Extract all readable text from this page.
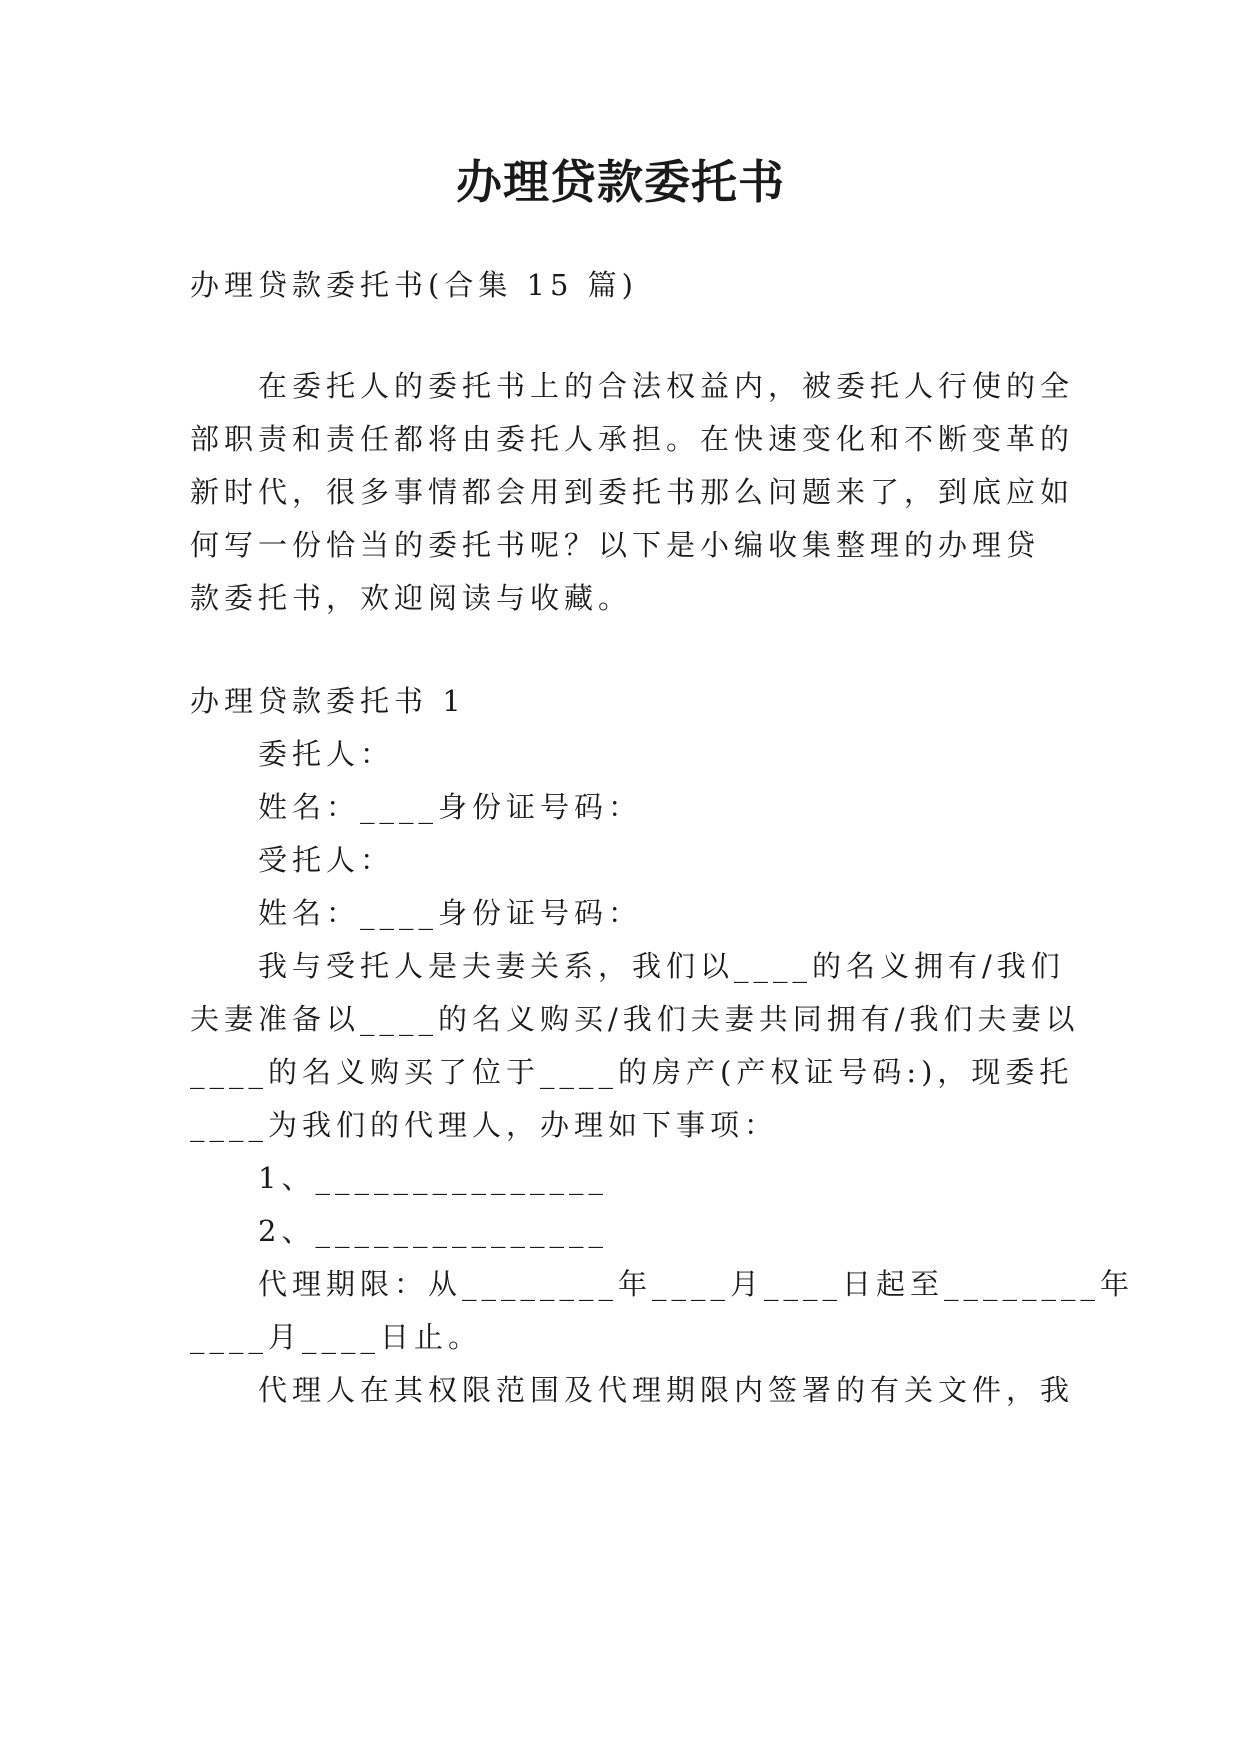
办理贷款委托书
办理贷款委托书(合集 15 篇)
在委托人的委托书上的合法权益内，被委托人行使的全
部职责和责任都将由委托人承担。在快速变化和不断变革的
新时代，很多事情都会用到委托书那么问题来了，到底应如
何写一份恰当的委托书呢？以下是小编收集整理的办理贷
款委托书，欢迎阅读与收藏。
办理贷款委托书 1
委托人：
姓名：____身份证号码：
受托人：
姓名：____身份证号码：
我与受托人是夫妻关系，我们以____的名义拥有/我们
夫妻准备以____的名义购买/我们夫妻共同拥有/我们夫妻以
____的名义购买了位于____的房产(产权证号码:)，现委托
____为我们的代理人，办理如下事项：
1、_______________
2、_______________
代理期限：从________年____月____日起至________年
____月____日止。
代理人在其权限范围及代理期限内签署的有关文件，我
